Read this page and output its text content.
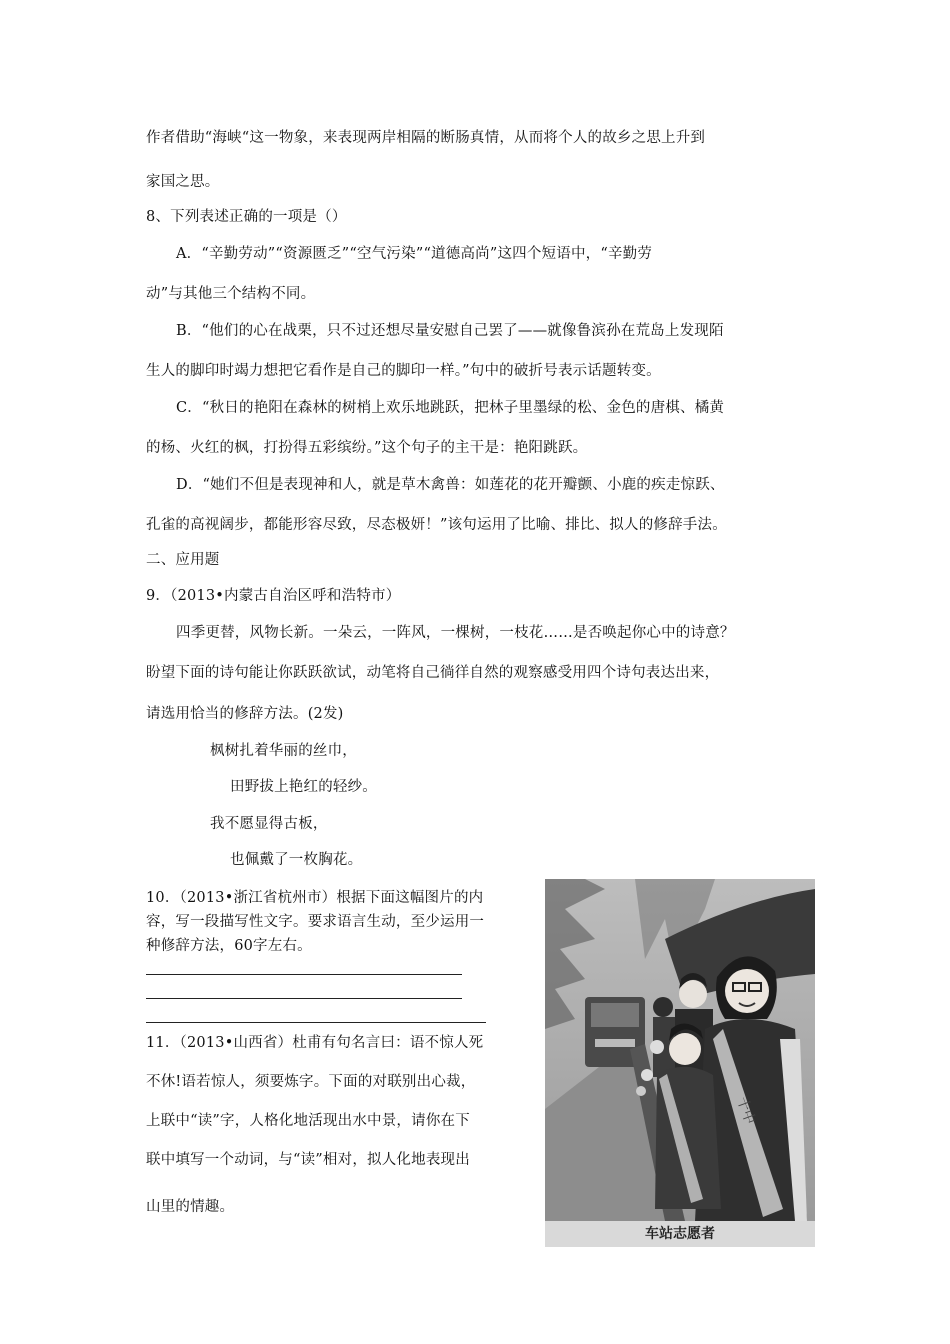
作者借助“海峡“这一物象，来表现两岸相隔的断肠真情，从而将个人的故乡之思上升到
家国之思。
8、下列表述正确的一项是（）
A．“辛勤劳动”“资源匮乏”“空气污染”“道德高尚”这四个短语中，“辛勤劳
动”与其他三个结构不同。
B．“他们的心在战栗，只不过还想尽量安慰自己罢了——就像鲁滨孙在荒岛上发现陌
生人的脚印时竭力想把它看作是自己的脚印一样。”句中的破折号表示话题转变。
C．“秋日的艳阳在森林的树梢上欢乐地跳跃，把林子里墨绿的松、金色的唐棋、橘黄
的杨、火红的枫，打扮得五彩缤纷。”这个句子的主干是：艳阳跳跃。
D．“她们不但是表现神和人，就是草木禽兽：如莲花的花开瓣颤、小鹿的疾走惊跃、
孔雀的高视阔步，都能形容尽致，尽态极妍！”该句运用了比喻、排比、拟人的修辞手法。
二、应用题
9．（2013•内蒙古自治区呼和浩特市）
四季更替，风物长新。一朵云，一阵风，一棵树，一枝花……是否唤起你心中的诗意？
盼望下面的诗句能让你跃跃欲试，动笔将自己徜徉自然的观察感受用四个诗句表达出来，
请选用恰当的修辞方法。(2发)
枫树扎着华丽的丝巾，
田野拔上艳红的轻纱。
我不愿显得古板，
也佩戴了一枚胸花。
10．（2013•浙江省杭州市）根据下面这幅图片的内
容，写一段描写性文字。要求语言生动，至少运用一
种修辞方法，60字左右。
11．（2013•山西省）杜甫有句名言曰：语不惊人死
不休!语若惊人，须要炼字。下面的对联别出心裁，
上联中“读”字，人格化地活现出水中景，请你在下
联中填写一个动词，与“读”相对，拟人化地表现出
山里的情趣。
十中
车站志愿者
